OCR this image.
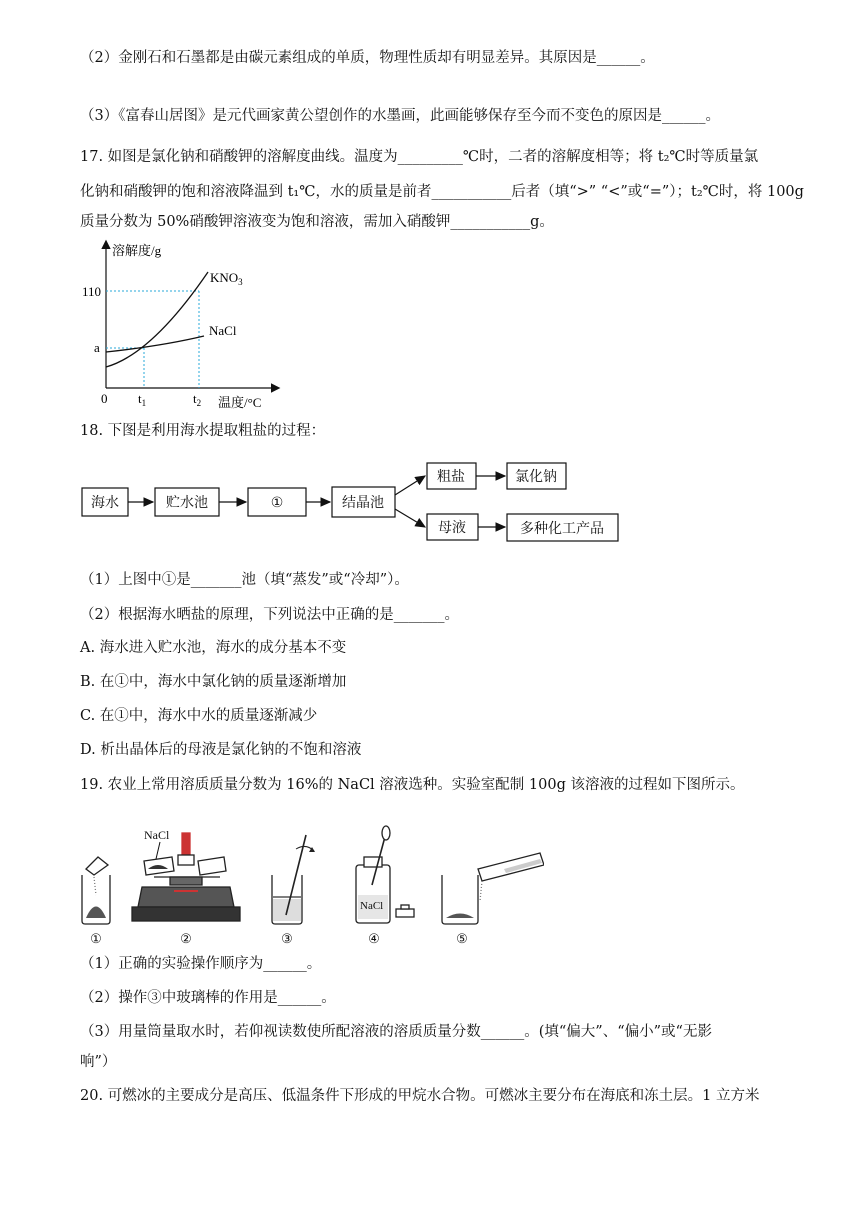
（2）金刚石和石墨都是由碳元素组成的单质，物理性质却有明显差异。其原因是______。
（3）《富春山居图》是元代画家黄公望创作的水墨画，此画能够保存至今而不变色的原因是______。
17. 如图是氯化钠和硝酸钾的溶解度曲线。温度为_________℃时，二者的溶解度相等；将 t₂℃时等质量氯
化钠和硝酸钾的饱和溶液降温到 t₁℃，水的质量是前者___________后者（填“>” “<”或“=”）；t₂℃时，将 100g
质量分数为 50%硝酸钾溶液变为饱和溶液，需加入硝酸钾___________g。
溶解度/g
$KNO_3$
NaCl
110
a
0 $t_1$	$t_2$ 温度/°C
18. 下图是利用海水提取粗盐的过程：
海水	贮水池	①	结晶池
粗盐	氯化钠
母液	多种化工产品
（1）上图中①是_______池（填“蒸发”或“冷却”）。
（2）根据海水晒盐的原理，下列说法中正确的是_______。
A. 海水进入贮水池，海水的成分基本不变
B. 在①中，海水中氯化钠的质量逐渐增加
C. 在①中，海水中水的质量逐渐减少
D. 析出晶体后的母液是氯化钠的不饱和溶液
19. 农业上常用溶质质量分数为 16%的 NaCl 溶液选种。实验室配制 100g 该溶液的过程如下图所示。
NaCl
NaCl
①	②	③	④	⑤
（1）正确的实验操作顺序为______。
（2）操作③中玻璃棒的作用是______。
（3）用量筒量取水时，若仰视读数使所配溶液的溶质质量分数______。(填“偏大”、“偏小”或“无影
响”）
20. 可燃冰的主要成分是高压、低温条件下形成的甲烷水合物。可燃冰主要分布在海底和冻土层。1 立方米
